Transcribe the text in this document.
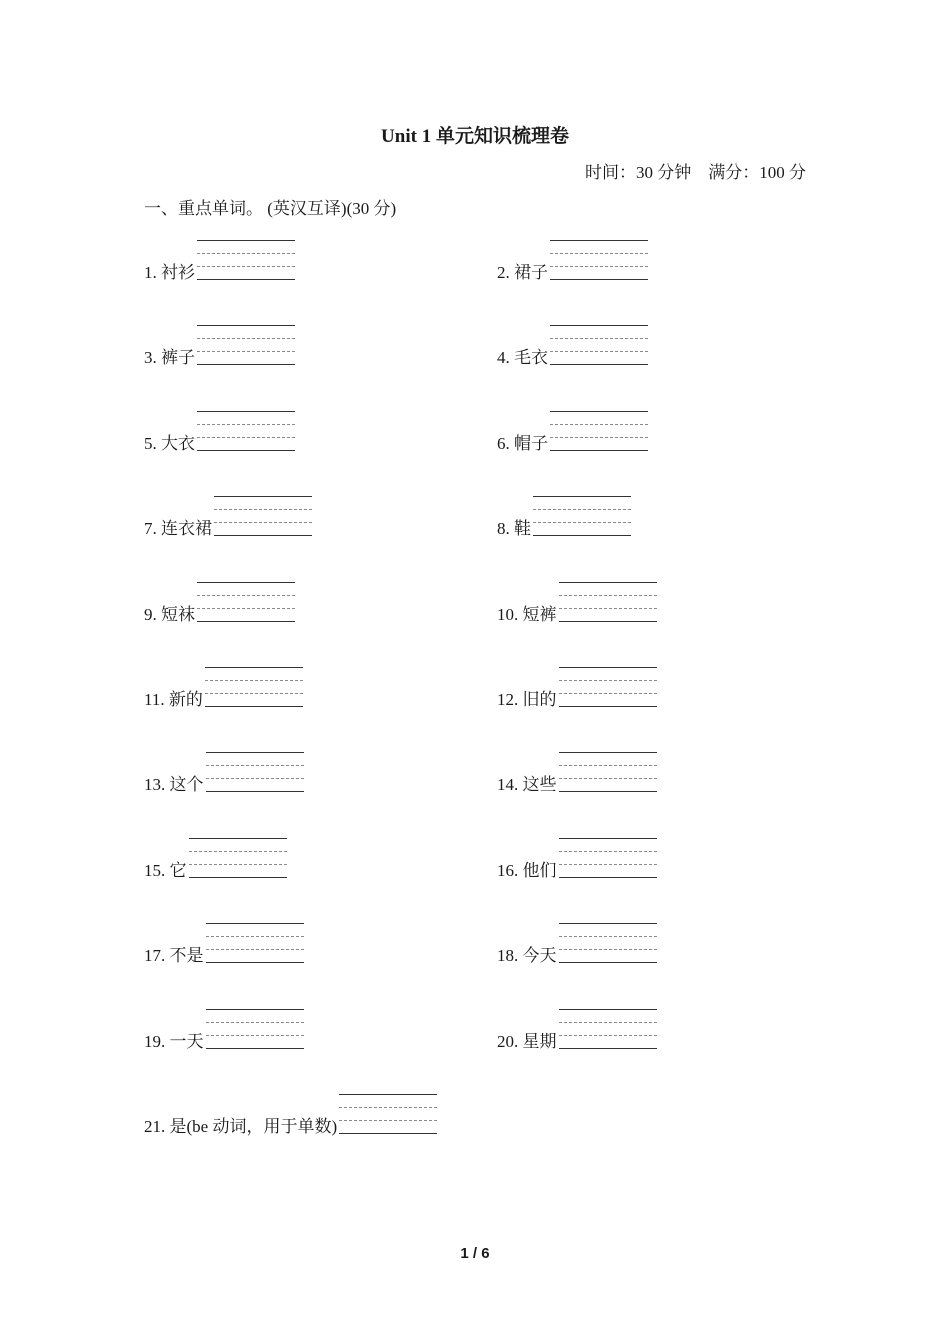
Unit 1 单元知识梳理卷
时间：30 分钟    满分：100 分
一、重点单词。 (英汉互译)(30 分)
1. 衬衫	2. 裙子
3. 裤子	4. 毛衣
5. 大衣	6. 帽子
7. 连衣裙	8. 鞋
9. 短袜	10. 短裤
11. 新的	12. 旧的
13. 这个	14. 这些
15. 它	16. 他们
17. 不是	18. 今天
19. 一天	20. 星期
21. 是(be 动词，用于单数)
1 / 6
